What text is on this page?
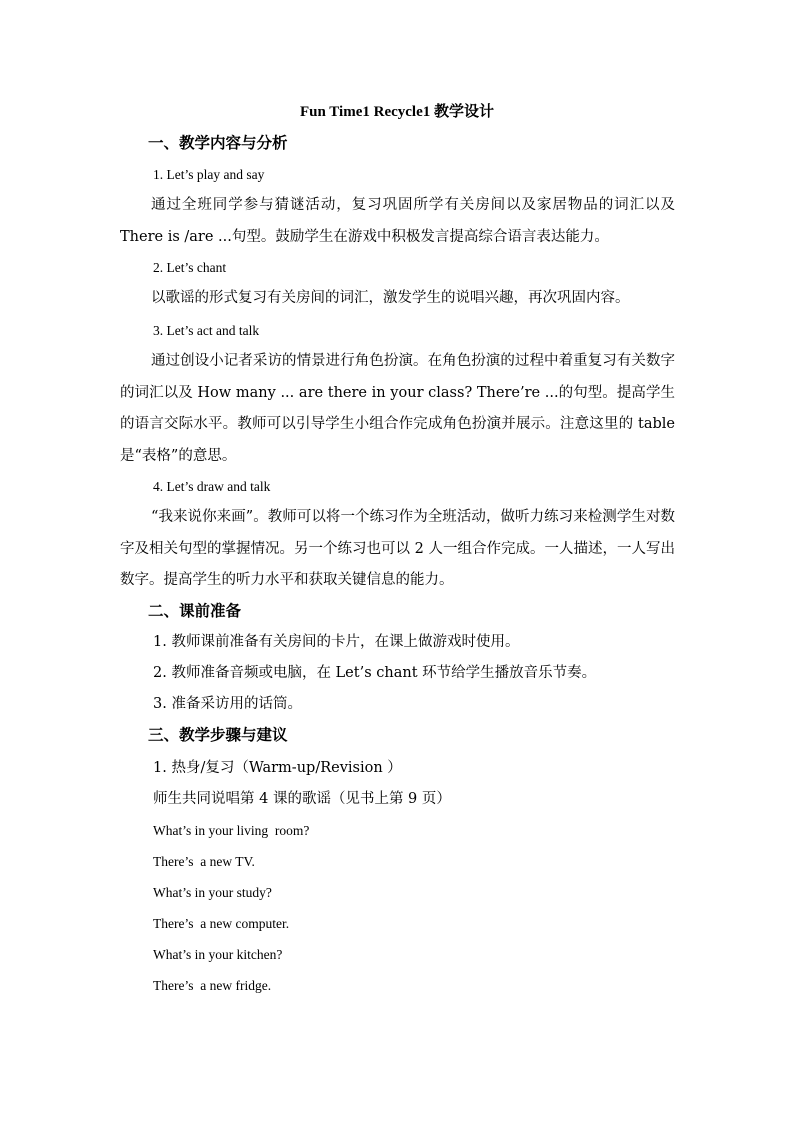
Fun Time1 Recycle1 教学设计
一、教学内容与分析
1. Let’s play and say
通过全班同学参与猜谜活动，复习巩固所学有关房间以及家居物品的词汇以及 There is /are ...句型。鼓励学生在游戏中积极发言提高综合语言表达能力。
2. Let’s chant
以歌谣的形式复习有关房间的词汇，激发学生的说唱兴趣，再次巩固内容。
3. Let’s act and talk
通过创设小记者采访的情景进行角色扮演。在角色扮演的过程中着重复习有关数字的词汇以及 How many ... are there in your class? There’re ...的句型。提高学生的语言交际水平。教师可以引导学生小组合作完成角色扮演并展示。注意这里的 table 是“表格”的意思。
4. Let’s draw and talk
“我来说你来画”。教师可以将一个练习作为全班活动，做听力练习来检测学生对数字及相关句型的掌握情况。另一个练习也可以 2 人一组合作完成。一人描述，一人写出数字。提高学生的听力水平和获取关键信息的能力。
二、课前准备
1. 教师课前准备有关房间的卡片，在课上做游戏时使用。
2. 教师准备音频或电脑，在 Let’s chant 环节给学生播放音乐节奏。
3. 准备采访用的话筒。
三、教学步骤与建议
1. 热身/复习（Warm-up/Revision ）
师生共同说唱第 4 课的歌谣（见书上第 9 页）
What’s in your living  room?
There’s  a new TV.
What’s in your study?
There’s  a new computer.
What’s in your kitchen?
There’s  a new fridge.
